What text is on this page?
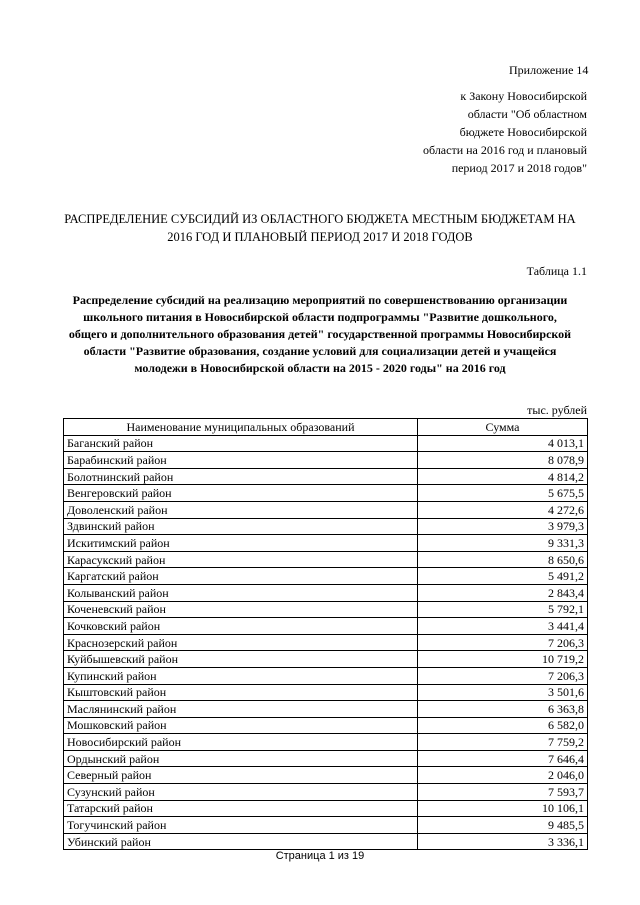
Приложение 14
к Закону Новосибирской
области "Об областном
бюджете Новосибирской
области на 2016 год и плановый
период 2017 и 2018 годов"
РАСПРЕДЕЛЕНИЕ СУБСИДИЙ ИЗ ОБЛАСТНОГО БЮДЖЕТА МЕСТНЫМ БЮДЖЕТАМ НА
2016 ГОД И ПЛАНОВЫЙ ПЕРИОД 2017 И 2018 ГОДОВ
Таблица 1.1
Распределение субсидий на реализацию мероприятий по совершенствованию организации
школьного питания в Новосибирской области подпрограммы "Развитие дошкольного,
общего и дополнительного образования детей" государственной программы Новосибирской
области "Развитие образования, создание условий для социализации детей и учащейся
молодежи в Новосибирской области на 2015 - 2020 годы" на 2016 год
тыс. рублей
Наименование муниципальных образований	Сумма
Баганский район	4 013,1
Барабинский район	8 078,9
Болотнинский район	4 814,2
Венгеровский район	5 675,5
Доволенский район	4 272,6
Здвинский район	3 979,3
Искитимский район	9 331,3
Карасукский район	8 650,6
Каргатский район	5 491,2
Колыванский район	2 843,4
Коченевский район	5 792,1
Кочковский район	3 441,4
Краснозерский район	7 206,3
Куйбышевский район	10 719,2
Купинский район	7 206,3
Кыштовский район	3 501,6
Маслянинский район	6 363,8
Мошковский район	6 582,0
Новосибирский район	7 759,2
Ордынский район	7 646,4
Северный район	2 046,0
Сузунский район	7 593,7
Татарский район	10 106,1
Тогучинский район	9 485,5
Убинский район	3 336,1
Страница 1 из 19
